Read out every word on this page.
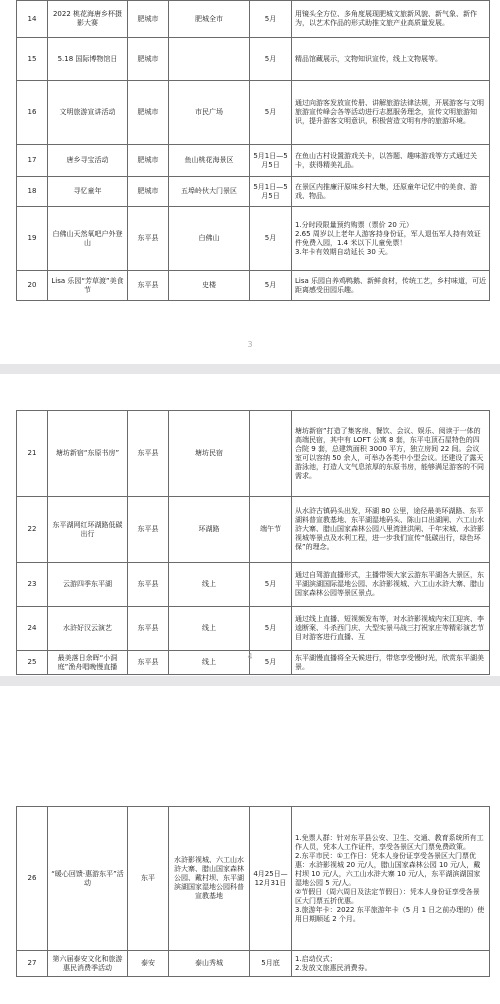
14	2022 桃花海唐乡杯摄影大赛	肥城市	肥城全市	5月	用镜头全方位、多角度展现肥城文旅新风貌、新气象、新作为，以艺术作品的形式助推文旅产业高质量发展。
15	5.18 国际博物馆日	肥城市		5月	精品馆藏展示，文物知识宣传，线上文物展等。
16	文明旅游宣讲活动	肥城市	市民广场	5月	通过向游客发放宣传册、讲解旅游法律法规，开展游客与文明旅游宣传峰会各等活动进行志愿服务理念，宣传文明旅游知识，提升游客文明意识，积极营造文明有序的旅游环境。
17	唐乡寻宝活动	肥城市	鱼山桃花海景区	5月1日—5月5日	在鱼山古村设置游戏关卡，以答题、趣味游戏等方式通过关卡，获得精美礼品。
18	寻忆童年	肥城市	五埠岭伙大门景区	5月1日—5月5日	在景区内推廉汗原味乡村大集，还原童年记忆中的美食、游戏、物品。
19	白佛山天然氧吧户外登山	东平县	白佛山	5月	1.分时段限量预约购票（票价 20 元）
2.65 周岁以上老年人游客持身份证，军人退伍军人持有效证件免费入园，1.4 米以下儿童免票！
3.年卡有效期自动延长 30 天。

20	Lisa 乐园“芳草渡”美食节	东平县	史楼	5月	Lisa 乐园自养鸡鸭鹅、新鲜食材，传统工艺，乡村味道，可近距离感受田园乐趣。
3
21	塘坊新宿“东原书房”	东平县	塘坊民宿		塘坊新宿”打造了集客房、餐饮、会议、娱乐、阅读于一体的高端民宿，其中有 LOFT 公寓 8 套，东平屯顶石屋特色的四合院 9 套，总建筑面积 3000 平方，独立房间 22 间。会议室可以容纳 50 余人，可举办各类中小型会议。还建设了露天游泳池，打造人文气息浓厚的东原书房，能够满足游客的不同需求。
22	东平湖网红环湖路低碳出行	东平县	环湖路	端午节	从水浒古镇码头出发，环湖 80 公里，途径最美环湖路、东平湖料普宣教基地、东平湖湿地码头、陈山口出湖闸、六工山水浒大寨、腊山国家森林公园八里湾泄洪闸、千年宋城、水浒影视城等景点及水利工程，进一步我们宣传“低碳出行，绿色环保”的理念。
23	云游四季东平湖	东平县	线上	5月	通过自驾游直播形式，主播带领大家云游东平湖各大景区，东平湖滨湖国际湿地公园、水浒影视城、六工山水浒大寨、腊山国家森林公园等景区景点。
24	水浒好汉云演艺	东平县	线上	5月	通过线上直播、短视频发布等，对水浒影视城内宋江迎宾、李逵断案、斗杀西门庆、大型实景马战三打祝家庄等精彩演艺节目对游客进行直播、互
25	最美落日余晖“小洞庭”渔舟唱晚慢直播	东平县	线上	5月	东平湖慢直播将全天候进行，带您享受慢时光，欣赏东平湖美景。
4
26	“暖心回馈·惠游东平”活动	东平	水浒影视城、六工山水浒大寨、腊山国家森林公园、戴村坝、东平湖滨湖国家湿地公园科普宣教基地	4月25日—12月31日	1.免票人群：针对东平县公安、卫生、交通、教育系统所有工作人员，凭本人工作证件，享受各景区大门票免费政策。
2.东平市民：①工作日：凭本人身份证享受各景区大门票优惠：水浒影视城 20 元/人，腊山国家森林公园 10 元/人，戴村坝 10 元/人，六工山水浒大寨 10 元/人，东平湖滨湖国家湿地公园 5 元/人。
②节假日（周六周日及法定节假日）：凭本人身份证享受各景区大门票五折优惠。
3.旅游年卡：2022 东平旅游年卡（5 月 1 日之前办理的）使用日期顺延 2 个月。

27	第六届泰安文化和旅游惠民消费季活动	泰安	泰山秀城	5月底	1.启动仪式；
2.发放文旅惠民消费券。
